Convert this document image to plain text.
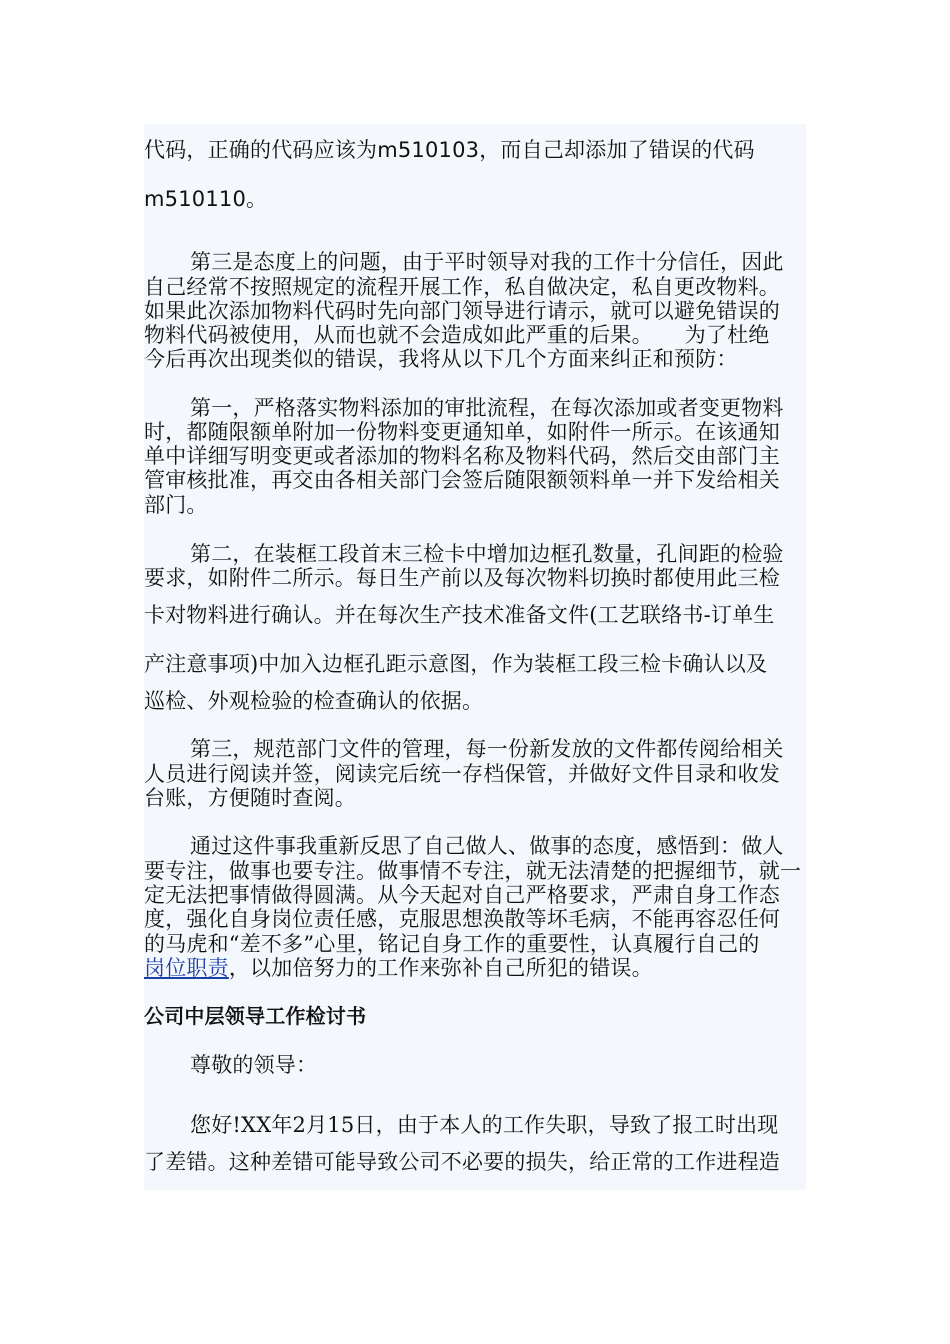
代码，正确的代码应该为m510103，而自己却添加了错误的代码
m510110。
第三是态度上的问题，由于平时领导对我的工作十分信任，因此
自己经常不按照规定的流程开展工作，私自做决定，私自更改物料。
如果此次添加物料代码时先向部门领导进行请示，就可以避免错误的
物料代码被使用，从而也就不会造成如此严重的后果。　　为了杜绝
今后再次出现类似的错误，我将从以下几个方面来纠正和预防：
第一，严格落实物料添加的审批流程，在每次添加或者变更物料
时，都随限额单附加一份物料变更通知单，如附件一所示。在该通知
单中详细写明变更或者添加的物料名称及物料代码，然后交由部门主
管审核批准，再交由各相关部门会签后随限额领料单一并下发给相关
部门。
第二，在装框工段首末三检卡中增加边框孔数量，孔间距的检验
要求，如附件二所示。每日生产前以及每次物料切换时都使用此三检
卡对物料进行确认。并在每次生产技术准备文件(工艺联络书-订单生
产注意事项)中加入边框孔距示意图，作为装框工段三检卡确认以及
巡检、外观检验的检查确认的依据。
第三，规范部门文件的管理，每一份新发放的文件都传阅给相关
人员进行阅读并签，阅读完后统一存档保管，并做好文件目录和收发
台账，方便随时查阅。
通过这件事我重新反思了自己做人、做事的态度，感悟到：做人
要专注，做事也要专注。做事情不专注，就无法清楚的把握细节，就一
定无法把事情做得圆满。从今天起对自己严格要求，严肃自身工作态
度，强化自身岗位责任感，克服思想涣散等坏毛病，不能再容忍任何
的马虎和“差不多”心里，铭记自身工作的重要性，认真履行自己的
岗位职责，以加倍努力的工作来弥补自己所犯的错误。
公司中层领导工作检讨书
尊敬的领导：
您好!XX年2月15日，由于本人的工作失职，导致了报工时出现
了差错。这种差错可能导致公司不必要的损失，给正常的工作进程造
